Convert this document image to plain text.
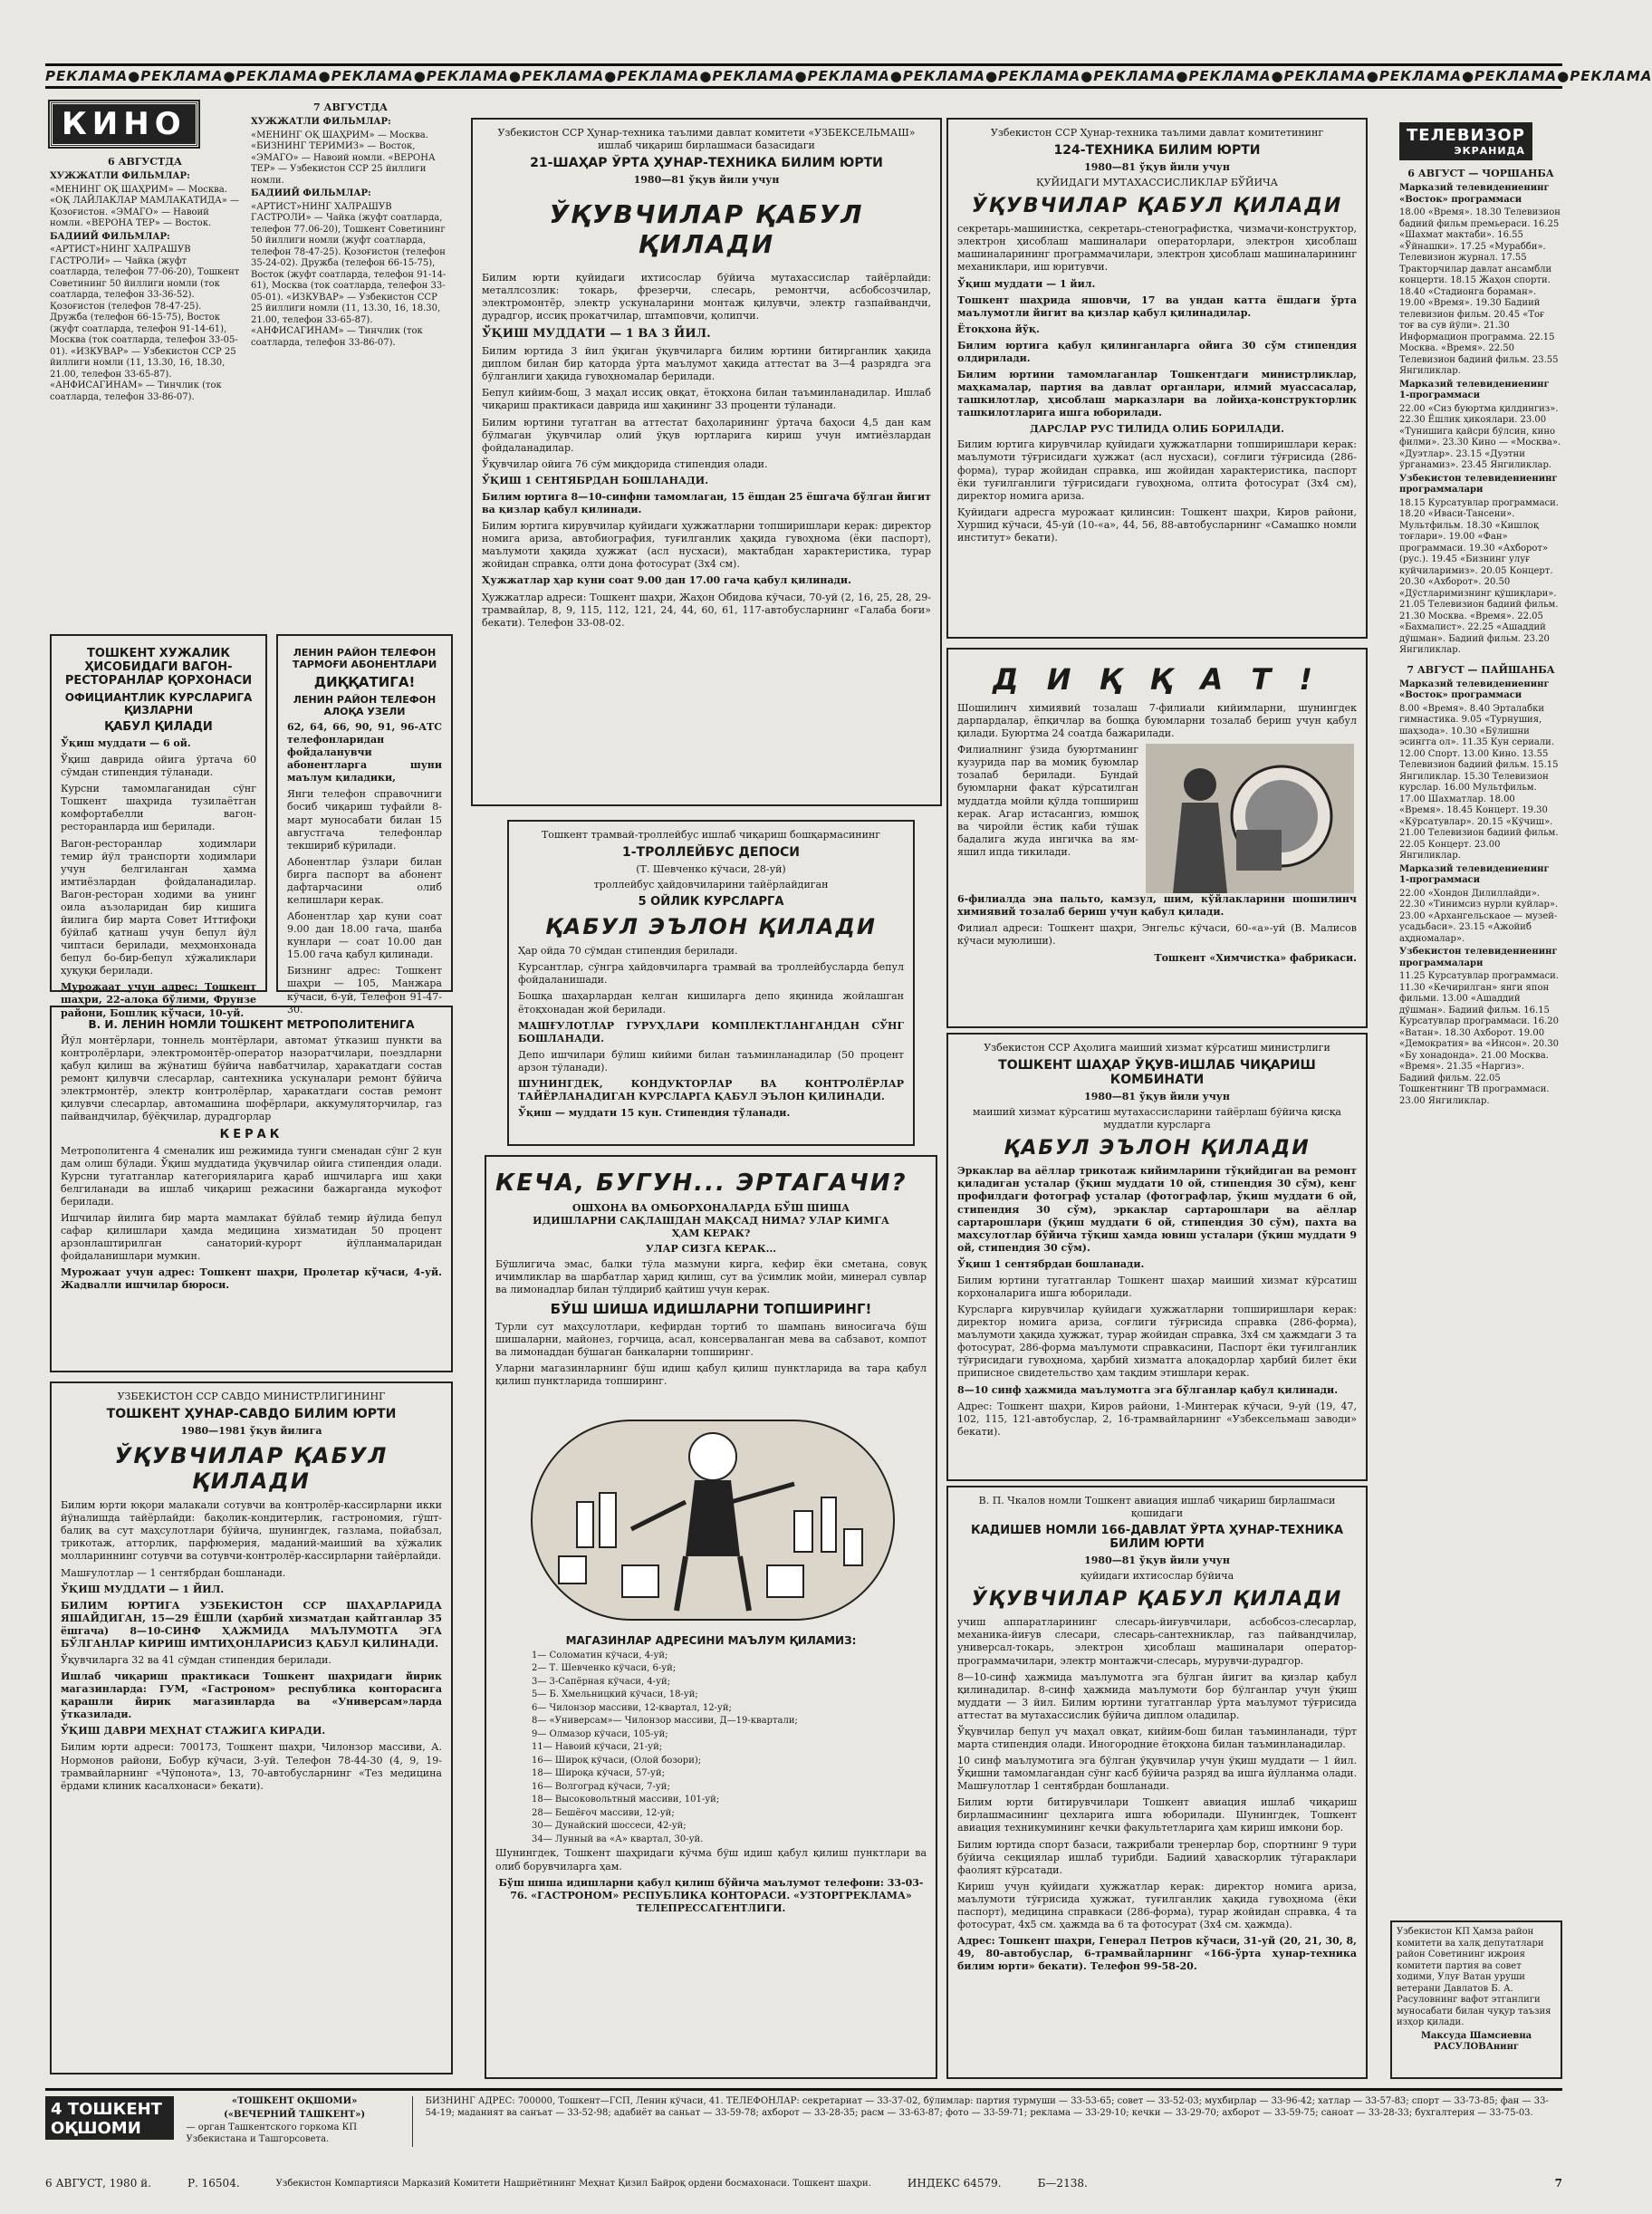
РЕКЛАМА ● РЕКЛАМА ● РЕКЛАМА ● РЕКЛАМА ● РЕКЛАМА ● РЕКЛАМА ● РЕКЛАМА ● РЕКЛАМА ● РЕКЛАМА ● РЕКЛАМА ● РЕКЛАМА ● РЕКЛАМА ● РЕКЛАМА ● РЕКЛАМА ● РЕКЛАМА ● РЕКЛАМА ● РЕКЛАМА
КИНО

6 АВГУСТДА

ХУЖЖАТЛИ ФИЛЬМЛАР:

«МЕНИНГ ОҚ ШАҲРИМ» — Москва. «ОҚ ЛАЙЛАКЛАР МАМЛАКАТИДА» — Қозоғистон. «ЭМАГО» — Навоий номли. «ВЕРОНА ТЕР» — Восток.

БАДИИЙ ФИЛЬМЛАР:

«АРТИСТ»НИНГ ХАЛРАШУВ ГАСТРОЛИ» — Чайка (жуфт соатларда, телефон 77-06-20), Тошкент Советининг 50 йиллиги номли (ток соатларда, телефон 33-36-52). Қозоғистон (телефон 78-47-25). Дружба (телефон 66-15-75), Восток (жуфт соатларда, телефон 91-14-61), Москва (ток соатларда, телефон 33-05-01). «ИЗКУВАР» — Узбекистон ССР 25 йиллиги номли (11, 13.30, 16, 18.30, 21.00, телефон 33-65-87). «АНФИСАГИНАМ» — Тинчлик (ток соатларда, телефон 33-86-07).

7 АВГУСТДА

ХУЖЖАТЛИ ФИЛЬМЛАР:

«МЕНИНГ ОҚ ШАҲРИМ» — Москва. «БИЗНИНГ ТЕРИМИЗ» — Восток, «ЭМАГО» — Навоий номли. «ВЕРОНА ТЕР» — Узбекистон ССР 25 йиллиги номли.

БАДИИЙ ФИЛЬМЛАР:

«АРТИСТ»НИНГ ХАЛРАШУВ ГАСТРОЛИ» — Чайка (жуфт соатларда, телефон 77.06-20), Тошкент Советининг 50 йиллиги номли (жуфт соатларда, телефон 78-47-25). Қозоғистон (телефон 35-24-02). Дружба (телефон 66-15-75), Восток (жуфт соатларда, телефон 91-14-61), Москва (ток соатларда, телефон 33-05-01). «ИЗКУВАР» — Узбекистон ССР 25 йиллиги номли (11, 13.30, 16, 18.30, 21.00, телефон 33-65-87). «АНФИСАГИНАМ» — Тинчлик (ток соатларда, телефон 33-86-07).

ТОШКЕНТ ХУЖАЛИК ҲИСОБИДАГИ ВАГОН-РЕСТОРАНЛАР ҚОРХОНАСИ
ОФИЦИАНТЛИК КУРСЛАРИГА ҚИЗЛАРНИ
ҚАБУЛ ҚИЛАДИ

Ўқиш муддати — 6 ой.

Ўқиш даврида ойига ўртача 60 сўмдан стипендия тўланади.

Курсни тамомлаганидан сўнг Тошкент шаҳрида тузилаётган комфортабелли вагон-ресторанларда иш берилади.

Вагон-ресторанлар ходимлари темир йўл транспорти ходимлари учун белгиланган ҳамма имтиёзлардан фойдаланадилар. Вагон-ресторан ходими ва унинг оила аъзоларидан бир кишига йилига бир марта Совет Иттифоқи бўйлаб қатнаш учун бепул йўл чиптаси берилади, меҳмонхонада бепул бо-бир-бепул хўжаликлари ҳуқуқи берилади.

Мурожаат учун адрес: Тошкент шаҳри, 22-алоқа бўлими, Фрунзе райони, Бошлиқ кўчаси, 10-уй.

ЛЕНИН РАЙОН ТЕЛЕФОН ТАРМОҒИ АБОНЕНТЛАРИ
ДИҚҚАТИГА!
ЛЕНИН РАЙОН ТЕЛЕФОН АЛОҚА УЗЕЛИ

62, 64, 66, 90, 91, 96-АТС телефонларидан фойдаланувчи абонентларга шуни маълум қиладики,

Янги телефон справочниги босиб чиқариш туфайли 8-март муносабати билан 15 августгача телефонлар текшириб кўрилади.

Абонентлар ўзлари билан бирга паспорт ва абонент дафтарчасини олиб келишлари керак.

Абонентлар ҳар куни соат 9.00 дан 18.00 гача, шанба кунлари — соат 10.00 дан 15.00 гача қабул қилинади.

Бизнинг адрес: Тошкент шаҳри — 105, Манжара кўчаси, 6-уй, Телефон 91-47-30.

В. И. ЛЕНИН НОМЛИ ТОШКЕНТ МЕТРОПОЛИТЕНИГА

Йўл монтёрлари, тоннель монтёрлари, автомат ўтказиш пункти ва контролёрлари, электромонтёр-оператор назоратчилари, поездларни қабул қилиш ва жўнатиш бўйича навбатчилар, ҳаракатдаги состав ремонт қилувчи слесарлар, сантехника ускуналари ремонт бўйича электрмонтёр, электр контролёрлар, ҳаракатдаги состав ремонт қилувчи слесарлар, автомашина шофёрлари, аккумуляторчилар, газ пайвандчилар, бўёқчилар, дурадгорлар

КЕРАК

Метрополитенга 4 сменалик иш режимида тунги сменадан сўнг 2 кун дам олиш бўлади. Ўқиш муддатида ўқувчилар ойига стипендия олади. Курсни тугатганлар категорияларига қараб ишчиларга иш ҳақи белгиланади ва ишлаб чиқариш режасини бажарганда мукофот берилади.

Ишчилар йилига бир марта мамлакат бўйлаб темир йўлида бепул сафар қилишлари ҳамда медицина хизматидан 50 процент арзонлаштирилган санаторий-курорт йўлланмаларидан фойдаланишлари мумкин.

Мурожаат учун адрес: Тошкент шаҳри, Пролетар кўчаси, 4-уй. Жадвалли ишчилар бюроси.

УЗБЕКИСТОН ССР САВДО МИНИСТРЛИГИНИНГ
ТОШКЕНТ ҲУНАР-САВДО БИЛИМ ЮРТИ
1980—1981 ўқув йилига
ЎҚУВЧИЛАР ҚАБУЛ ҚИЛАДИ

Билим юрти юқори малакали сотувчи ва контролёр-кассирларни икки йўналишда тайёрлайди: бақолик-кондитерлик, гастрономия, гўшт-балиқ ва сут маҳсулотлари бўйича, шунингдек, газлама, пойабзал, трикотаж, атторлик, парфюмерия, маданий-маиший ва хўжалик моллариннинг сотувчи ва сотувчи-контролёр-кассирларни тайёрлайди.

Машғулотлар — 1 сентябрдан бошланади.

ЎҚИШ МУДДАТИ — 1 ЙИЛ.

БИЛИМ ЮРТИГА УЗБЕКИСТОН ССР ШАҲАРЛАРИДА ЯШАЙДИГАН, 15—29 ЁШЛИ (ҳарбий хизматдан қайтганлар 35 ёшгача) 8—10-СИНФ ҲАЖМИДА МАЪЛУМОТГА ЭГА БЎЛГАНЛАР КИРИШ ИМТИҲОНЛАРИСИЗ ҚАБУЛ ҚИЛИНАДИ.

Ўқувчиларга 32 ва 41 сўмдан стипендия берилади.

Ишлаб чиқариш практикаси Тошкент шаҳридаги йирик магазинларда: ГУМ, «Гастроном» республика конторасига қарашли йирик магазинларда ва «Универсам»ларда ўтказилади.

ЎҚИШ ДАВРИ МЕҲНАТ СТАЖИГА КИРАДИ.

Билим юрти адреси: 700173, Тошкент шаҳри, Чилонзор массиви, А. Нормонов райони, Бобур кўчаси, 3-уй. Телефон 78-44-30 (4, 9, 19-трамвайларнинг «Чўпонота», 13, 70-автобусларнинг «Тез медицина ёрдами клиник касалхонаси» бекати).

Узбекистон ССР Ҳунар-техника таълими давлат комитети «УЗБЕКСЕЛЬМАШ» ишлаб чиқариш бирлашмаси базасидаги
21-ШАҲАР ЎРТА ҲУНАР-ТЕХНИКА БИЛИМ ЮРТИ
1980—81 ўқув йили учун
ЎҚУВЧИЛАР ҚАБУЛ ҚИЛАДИ

Билим юрти қуйидаги ихтисослар бўйича мутахассислар тайёрлайди: металлсозлик: токарь, фрезерчи, слесарь, ремонтчи, асбобсозчилар, электромонтёр, электр ускуналарини монтаж қилувчи, электр газпайвандчи, дурадгор, иссиқ прокатчилар, штамповчи, қолипчи.

ЎҚИШ МУДДАТИ — 1 ВА 3 ЙИЛ.

Билим юртида 3 йил ўқиган ўқувчиларга билим юртини битирганлик ҳақида диплом билан бир қаторда ўрта маълумот ҳақида аттестат ва 3—4 разрядга эга бўлганлиги ҳақида гувоҳномалар берилади.

Бепул кийим-бош, 3 маҳал иссиқ овқат, ётоқхона билан таъминланадилар. Ишлаб чиқариш практикаси даврида иш ҳақининг 33 проценти тўланади.

Билим юртини тугатган ва аттестат баҳоларининг ўртача баҳоси 4,5 дан кам бўлмаган ўқувчилар олий ўқув юртларига кириш учун имтиёзлардан фойдаланадилар.

Ўқувчилар ойига 76 сўм миқдорида стипендия олади.

ЎҚИШ 1 СЕНТЯБРДАН БОШЛАНАДИ.

Билим юртига 8—10-синфни тамомлаган, 15 ёшдан 25 ёшгача бўлган йигит ва қизлар қабул қилинади.

Билим юртига кирувчилар қуйидаги ҳужжатларни топширишлари керак: директор номига ариза, автобиография, туғилганлик ҳақида гувоҳнома (ёки паспорт), маълумоти ҳақида ҳужжат (асл нусхаси), мактабдан характеристика, турар жойидан справка, олти дона фотосурат (3x4 см).

Ҳужжатлар ҳар куни соат 9.00 дан 17.00 гача қабул қилинади.

Ҳужжатлар адреси: Тошкент шаҳри, Жаҳон Обидова кўчаси, 70-уй (2, 16, 25, 28, 29-трамвайлар, 8, 9, 115, 112, 121, 24, 44, 60, 61, 117-автобусларнинг «Галаба боғи» бекати). Телефон 33-08-02.

Тошкент трамвай-троллейбус ишлаб чиқариш бошқармасининг
1-ТРОЛЛЕЙБУС ДЕПОСИ
(Т. Шевченко кўчаси, 28-уй)
троллейбус ҳайдовчиларини тайёрлайдиган
5 ОЙЛИК КУРСЛАРГА
ҚАБУЛ ЭЪЛОН ҚИЛАДИ

Ҳар ойда 70 сўмдан стипендия берилади.

Курсантлар, сўнгра ҳайдовчиларга трамвай ва троллейбусларда бепул фойдаланишади.

Бошқа шаҳарлардан келган кишиларга депо яқинида жойлашган ётоқхонадан жой берилади.

МАШҒУЛОТЛАР ГУРУҲЛАРИ КОМПЛЕКТЛАНГАНДАН СЎНГ БОШЛАНАДИ.

Депо ишчилари бўлиш кийими билан таъминланадилар (50 процент арзон тўланади).

ШУНИНГДЕК, КОНДУКТОРЛАР ВА КОНТРОЛЁРЛАР ТАЙЁРЛАНАДИГАН КУРСЛАРГА ҚАБУЛ ЭЪЛОН ҚИЛИНАДИ.

Ўқиш — муддати 15 кун. Стипендия тўланади.

КЕЧА, БУГУН... ЭРТАГАЧИ?
ОШХОНА ВА ОМБОРХОНАЛАРДА БЎШ ШИША ИДИШЛАРНИ САҚЛАШДАН МАҚСАД НИМА? УЛАР КИМГА ҲАМ КЕРАК?
УЛАР СИЗГА КЕРАК...

Бўшлигича эмас, балки тўла мазмуни кирга, кефир ёки сметана, совуқ ичимликлар ва шарбатлар ҳарид қилиш, сут ва ўсимлик мойи, минерал сувлар ва лимонадлар билан тўлдириб қайтиш учун керак.

БЎШ ШИША ИДИШЛАРНИ ТОПШИРИНГ!

Турли сут маҳсулотлари, кефирдан тортиб то шампань виносигача бўш шишаларни, майонез, горчица, асал, консерваланган мева ва сабзавот, компот ва лимонаддан бўшаган банкаларни топширинг.

Уларни магазинларнинг бўш идиш қабул қилиш пунктларида ва тара қабул қилиш пунктларида топширинг.

МАГАЗИНЛАР АДРЕСИНИ МАЪЛУМ ҚИЛАМИЗ:

1— Соломатин кўчаси, 4-уй;

2— Т. Шевченко кўчаси, 6-уй;

3— 3-Сапёрная кўчаси, 4-уй;

5— Б. Хмельницкий кўчаси, 18-уй;

6— Чилонзор массиви, 12-квартал, 12-уй;

8— «Универсам»— Чилонзор массиви, Д—19-квартали;

9— Олмазор кўчаси, 105-уй;

11— Навоий кўчаси, 21-уй;

16— Широқ кўчаси, (Олой бозори);

18— Широқа кўчаси, 57-уй;

16— Волгоград кўчаси, 7-уй;

18— Высоковольтный массиви, 101-уй;

28— Бешёғоч массиви, 12-уй;

30— Дунайский шоссеси, 42-уй;

34— Лунный ва «А» квартал, 30-уй.

Шунингдек, Тошкент шаҳридаги кўчма бўш идиш қабул қилиш пунктлари ва олиб борувчиларга ҳам.

Бўш шиша идишларни қабул қилиш бўйича маълумот телефони: 33-03-76. «ГАСТРОНОМ» РЕСПУБЛИКА КОНТОРАСИ. «УЗТОРГРЕКЛАМА» ТЕЛЕПРЕССАГЕНТЛИГИ.

Узбекистон ССР Ҳунар-техника таълими давлат комитетининг
124-ТЕХНИКА БИЛИМ ЮРТИ
1980—81 ўқув йили учун
ҚУЙИДАГИ МУТАХАССИСЛИКЛАР БЎЙИЧА
ЎҚУВЧИЛАР ҚАБУЛ ҚИЛАДИ

секретарь-машинистка, секретарь-стенографистка, чизмачи-конструктор, электрон ҳисоблаш машиналари операторлари, электрон ҳисоблаш машиналарининг программачилари, электрон ҳисоблаш машиналарининг механиклари, иш юритувчи.

Ўқиш муддати — 1 йил.

Тошкент шаҳрида яшовчи, 17 ва ундан катта ёшдаги ўрта маълумотли йигит ва қизлар қабул қилинадилар.

Ётоқхона йўқ.

Билим юртига қабул қилинганларга ойига 30 сўм стипендия олдирилади.

Билим юртини тамомлаганлар Тошкентдаги министрликлар, маҳкамалар, партия ва давлат органлари, илмий муассасалар, ташкилотлар, ҳисоблаш марказлари ва лойиҳа-конструкторлик ташкилотларига ишга юборилади.

ДАРСЛАР РУС ТИЛИДА ОЛИБ БОРИЛАДИ.

Билим юртига кирувчилар қуйидаги ҳужжатларни топширишлари керак: маълумоти тўғрисидаги ҳужжат (асл нусхаси), соғлиги тўғрисида (286-форма), турар жойидан справка, иш жойидан характеристика, паспорт ёки туғилганлиги тўғрисидаги гувоҳнома, олтита фотосурат (3x4 см), директор номига ариза.

Қуйидаги адресга мурожаат қилинсин: Тошкент шаҳри, Киров райони, Хуршид кўчаси, 45-уй (10-«а», 44, 56, 88-автобусларнинг «Самашко номли институт» бекати).

Д И Қ Қ А Т !

Шошилинч химиявий тозалаш 7-филиали кийимларни, шунингдек дарпардалар, ёпқичлар ва бошқа буюмларни тозалаб бериш учун қабул қилади. Буюртма 24 соатда бажарилади.

Филиалнинг ўзида буюртманинг кузурида пар ва момиқ буюмлар тозалаб берилади. Бундай буюмларни факат кўрсатилган муддатда мойли қўлда топшириш керак. Агар истасангиз, юмшоқ ва чиройли ёстиқ каби тўшак бадалига жуда ингичка ва ям-яшил ипда тикилади.

6-филиалда эна пальто, камзул, шим, кўйлакларини шошилинч химиявий тозалаб бериш учун қабул қилади.

Филиал адреси: Тошкент шаҳри, Энгельс кўчаси, 60-«а»-уй (В. Малисов кўчаси муюлиши).

Тошкент «Химчистка» фабрикаси.

Узбекистон ССР Аҳолига маиший хизмат кўрсатиш министрлиги
ТОШКЕНТ ШАҲАР ЎҚУВ-ИШЛАБ ЧИҚАРИШ КОМБИНАТИ
1980—81 ўқув йили учун
маиший хизмат кўрсатиш мутахассисларини тайёрлаш бўйича қисқа муддатли курсларга
ҚАБУЛ ЭЪЛОН ҚИЛАДИ

Эркаклар ва аёллар трикотаж кийимларини тўқийдиган ва ремонт қиладиган усталар (ўқиш муддати 10 ой, стипендия 30 сўм), кенг профилдаги фотограф усталар (фотографлар, ўқиш муддати 6 ой, стипендия 30 сўм), эркаклар сартарошлари ва аёллар сартарошлари (ўқиш муддати 6 ой, стипендия 30 сўм), пахта ва маҳсулотлар бўйича тўқиш ҳамда ювиш усталари (ўқиш муддати 9 ой, стипендия 30 сўм).

Ўқиш 1 сентябрдан бошланади.

Билим юртини тугатганлар Тошкент шаҳар маиший хизмат кўрсатиш корхоналарига ишга юборилади.

Курсларга кирувчилар қуйидаги ҳужжатларни топширишлари керак: директор номига ариза, соғлиги тўғрисида справка (286-форма), маълумоти ҳақида ҳужжат, турар жойидан справка, 3x4 см ҳажмдаги 3 та фотосурат, 286-форма маълумоти справкасини, Паспорт ёки туғилганлик тўғрисидаги гувоҳнома, ҳарбий хизматга алоқадорлар ҳарбий билет ёки приписное свидетельство ҳам тақдим этишлари керак.

8—10 синф ҳажмида маълумотга эга бўлганлар қабул қилинади.

Адрес: Тошкент шаҳри, Киров райони, 1-Минтерак кўчаси, 9-уй (19, 47, 102, 115, 121-автобуслар, 2, 16-трамвайларнинг «Узбексельмаш заводи» бекати).

В. П. Чкалов номли Тошкент авиация ишлаб чиқариш бирлашмаси қошидаги
КАДИШЕВ НОМЛИ 166-ДАВЛАТ ЎРТА ҲУНАР-ТЕХНИКА БИЛИМ ЮРТИ
1980—81 ўқув йили учун
қуйидаги ихтисослар бўйича
ЎҚУВЧИЛАР ҚАБУЛ ҚИЛАДИ

учиш аппаратларининг слесарь-йиғувчилари, асбобсоз-слесарлар, механика-йиғув слесари, слесарь-сантехниклар, газ пайвандчилар, универсал-токарь, электрон ҳисоблаш машиналари оператор-программачилари, электр монтажчи-слесарь, мурувчи-дурадгор.

8—10-синф ҳажмида маълумотга эга бўлган йигит ва қизлар қабул қилинадилар. 8-синф ҳажмида маълумоти бор бўлганлар учун ўқиш муддати — 3 йил. Билим юртини тугатганлар ўрта маълумот тўғрисида аттестат ва мутахассислик бўйича диплом оладилар.

Ўқувчилар бепул уч маҳал овқат, кийим-бош билан таъминланади, тўрт марта стипендия олади. Иногородние ётоқхона билан таъминланадилар.

10 синф маълумотига эга бўлган ўқувчилар учун ўқиш муддати — 1 йил. Ўқишни тамомлагандан сўнг касб бўйича разряд ва ишга йўлланма олади. Машғулотлар 1 сентябрдан бошланади.

Билим юрти битирувчилари Тошкент авиация ишлаб чиқариш бирлашмасининг цехларига ишга юборилади. Шунингдек, Тошкент авиация техникумининг кечки факультетларига ҳам кириш имкони бор.

Билим юртида спорт базаси, тажрибали тренерлар бор, спортнинг 9 тури бўйича секциялар ишлаб турибди. Бадиий ҳаваскорлик тўгараклари фаолият кўрсатади.

Кириш учун қуйидаги ҳужжатлар керак: директор номига ариза, маълумоти тўғрисида ҳужжат, туғилганлик ҳақида гувоҳнома (ёки паспорт), медицина справкаси (286-форма), турар жойидан справка, 4 та фотосурат, 4x5 см. ҳажмда ва 6 та фотосурат (3x4 см. ҳажмда).

Адрес: Тошкент шаҳри, Генерал Петров кўчаси, 31-уй (20, 21, 30, 8, 49, 80-автобуслар, 6-трамвайларнинг «166-ўрта ҳунар-техника билим юрти» бекати). Телефон 99-58-20.

ТЕЛЕВИЗОР
ЭКРАНИДА

6 АВГУСТ — ЧОРШАНБА

Марказий телевидениенинг «Восток» программаси

18.00 «Время». 18.30 Телевизион бадиий фильм премьераси. 16.25 «Шахмат мактаби». 16.55 «Ўйнашки». 17.25 «Мурабби». Телевизион журнал. 17.55 Тракторчилар давлат ансамбли концерти. 18.15 Жаҳон спорти. 18.40 «Стадионга бораман». 19.00 «Время». 19.30 Бадиий телевизион фильм. 20.45 «Тоғ тоғ ва сув йўли». 21.30 Информацион программа. 22.15 Москва. «Время». 22.50 Телевизион бадиий фильм. 23.55 Янгиликлар.

Марказий телевидениенинг 1-программаси

22.00 «Сиз буюртма қилдингиз». 22.30 Ёшлик ҳикоялари. 23.00 «Тунишига қайсри бўлсин, кино филми». 23.30 Кино — «Москва». «Дуэтлар». 23.15 «Дуэтни ўрганамиз». 23.45 Янгиликлар.

Узбекистон телевидениенинг программалари

18.15 Курсатувлар программаси. 18.20 «Иваси-Тансени». Мультфильм. 18.30 «Кишлоқ тоғлари». 19.00 «Фан» программаси. 19.30 «Ахборот» (рус.). 19.45 «Бизнинг улуғ куйчиларимиз». 20.05 Концерт. 20.30 «Ахборот». 20.50 «Дўстларимизнинг қўшиқлари». 21.05 Телевизион бадиий фильм. 21.30 Москва. «Время». 22.05 «Бахмалист». 22.25 «Ашаддий дўшман». Бадиий фильм. 23.20 Янгиликлар.

7 АВГУСТ — ПАЙШАНБА

Марказий телевидениенинг «Восток» программаси

8.00 «Время». 8.40 Эрталабки гимнастика. 9.05 «Турнушия, шаҳзода». 10.30 «Бўлишни эсингга ол». 11.35 Кун сериали. 12.00 Спорт. 13.00 Кино. 13.55 Телевизион бадиий фильм. 15.15 Янгиликлар. 15.30 Телевизион курслар. 16.00 Мультфильм. 17.00 Шахматлар. 18.00 «Время». 18.45 Концерт. 19.30 «Кўрсатувлар». 20.15 «Кўчиш». 21.00 Телевизион бадиий фильм. 22.05 Концерт. 23.00 Янгиликлар.

Марказий телевидениенинг 1-программаси

22.00 «Хондон Дилиллайди». 22.30 «Тинимсиз нурли куйлар». 23.00 «Архангельскаое — музей-усадьбаси». 23.15 «Ажойиб аҳдномалар».

Узбекистон телевидениенинг программалари

11.25 Курсатувлар программаси. 11.30 «Кечирилган» янги япон фильми. 13.00 «Ашаддий дўшман». Бадиий фильм. 16.15 Курсатувлар программаси. 16.20 «Ватан». 18.30 Ахборот. 19.00 «Демократия» ва «Инсон». 20.30 «Бу хонадонда». 21.00 Москва. «Время». 21.35 «Наргиз». Бадиий фильм. 22.05 Тошкентнинг ТВ программаси. 23.00 Янгиликлар.

Узбекистон КП Ҳамза район комитети ва халқ депутатлари район Советининг ижроия комитети партия ва совет ходими, Улуғ Ватан уруши ветерани Давлатов Б. А. Расуловнинг вафот этганлиги муносабати билан чуқур таъзия изҳор қилади.

Максуда Шамсиевна РАСУЛОВАнинг

4 ТОШКЕНТ ОҚШОМИ

«ТОШКЕНТ ОҚШОМИ»

(«ВЕЧЕРНИЙ ТАШКЕНТ»)

— орган Ташкентского горкома КП Узбекистана и Ташгорсовета.

БИЗНИНГ АДРЕС: 700000, Тошкент—ГСП, Ленин кўчаси, 41. ТЕЛЕФОНЛАР: секретариат — 33-37-02, бўлимлар: партия турмуши — 33-53-65; совет — 33-52-03; мухбирлар — 33-96-42; хатлар — 33-57-83; спорт — 33-73-85; фан — 33-54-19; маданият ва санъат — 33-52-98; адабиёт ва саньат — 33-59-78; ахборот — 33-28-35; расм — 33-63-87; фото — 33-59-71; реклама — 33-29-10; кечки — 33-29-70; ахборот — 33-59-75; саноат — 33-28-33; бухгалтерия — 33-75-03.

6 АВГУСТ, 1980 й.	Р. 16504.	Узбекистон Компартияси Марказий Комитети Нашриётининг Меҳнат Қизил Байроқ ордени босмахонаси. Тошкент шаҳри.	ИНДЕКС 64579.	Б—2138.	7
